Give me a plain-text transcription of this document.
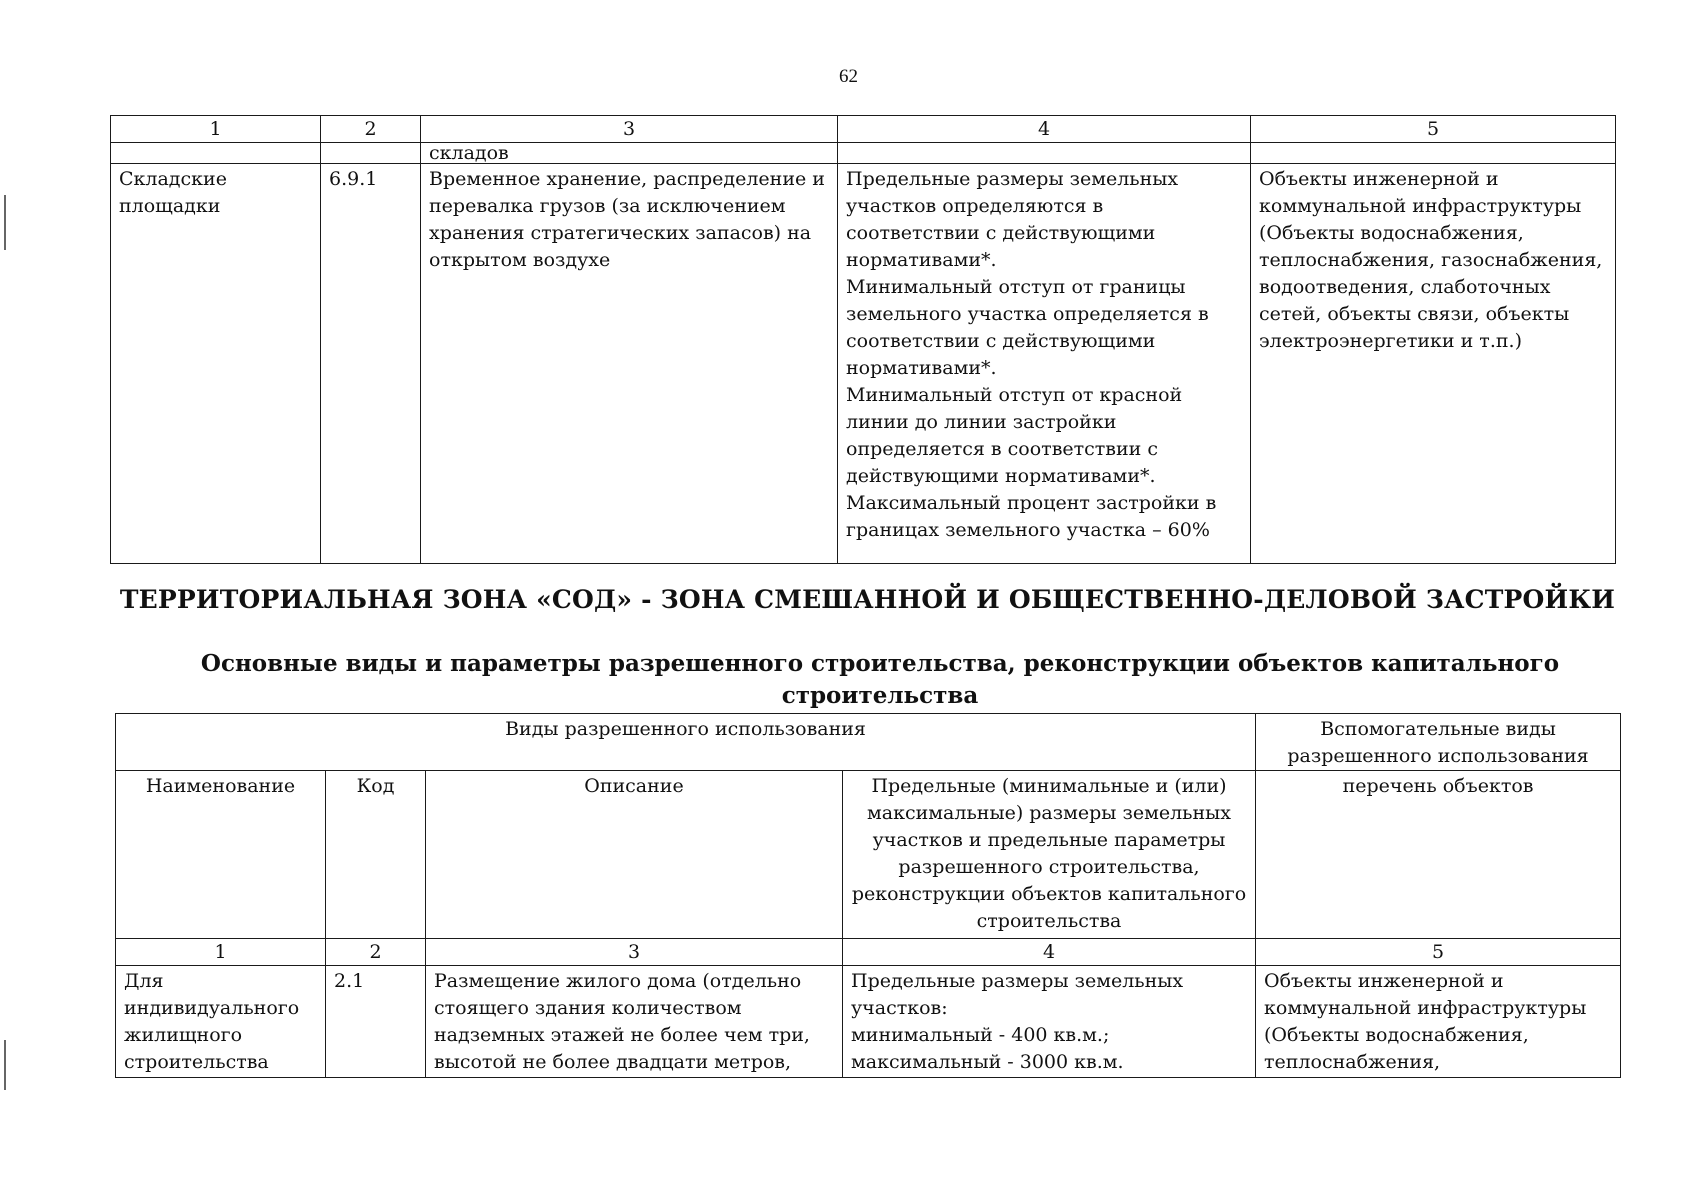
62
1	2	3	4	5
		складов		
Складские площадки	6.9.1	Временное хранение, распределение и перевалка грузов (за исключением хранения стратегических запасов) на открытом воздухе	Предельные размеры земельных участков определяются в соответствии с действующими нормативами*.
Минимальный отступ от границы земельного участка определяется в соответствии с действующими нормативами*.
Минимальный отступ от красной линии до линии застройки определяется в соответствии с действующими нормативами*.
Максимальный процент застройки в границах земельного участка – 60%	Объекты инженерной и коммунальной инфраструктуры (Объекты водоснабжения, теплоснабжения, газоснабжения, водоотведения, слаботочных сетей, объекты связи, объекты электроэнергетики и т.п.)
ТЕРРИТОРИАЛЬНАЯ ЗОНА «СОД» - ЗОНА СМЕШАННОЙ И ОБЩЕСТВЕННО-ДЕЛОВОЙ ЗАСТРОЙКИ
Основные виды и параметры разрешенного строительства, реконструкции объектов капитального строительства
Виды разрешенного использования				Вспомогательные виды разрешенного использования
Наименование	Код	Описание	Предельные (минимальные и (или) максимальные) размеры земельных участков и предельные параметры разрешенного строительства, реконструкции объектов капитального строительства	перечень объектов
1	2	3	4	5
Для индивидуального жилищного строительства	2.1	Размещение жилого дома (отдельно стоящего здания количеством надземных этажей не более чем три, высотой не более двадцати метров,	Предельные размеры земельных участков:
минимальный - 400 кв.м.;
максимальный - 3000 кв.м.	Объекты инженерной и коммунальной инфраструктуры (Объекты водоснабжения, теплоснабжения,
